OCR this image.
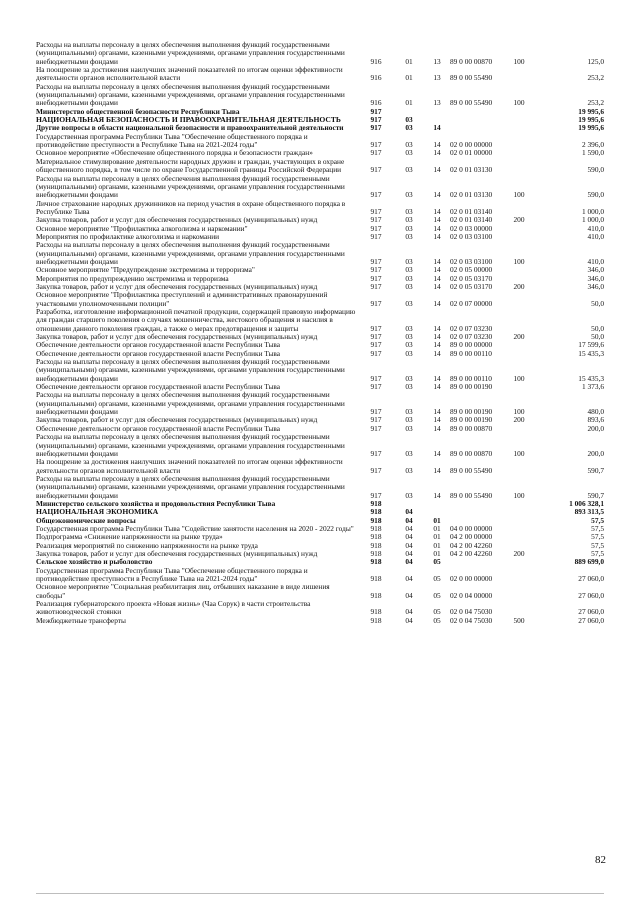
Расходы на выплаты персоналу в целях обеспечения выполнения функций государственными (муниципальными) органами, казенными учреждениями, органами управления государственными внебюджетными фондами	916	01	13	89 0 00 00870	100	125,0
На поощрение за достижения наилучших значений показателей по итогам оценки эффективности деятельности органов исполнительной власти	916	01	13	89 0 00 55490		253,2
Расходы на выплаты персоналу в целях обеспечения выполнения функций государственными (муниципальными) органами, казенными учреждениями, органами управления государственными внебюджетными фондами	916	01	13	89 0 00 55490	100	253,2
Министерство общественной безопасности Республики Тыва	917					19 995,6
НАЦИОНАЛЬНАЯ БЕЗОПАСНОСТЬ И ПРАВООХРАНИТЕЛЬНАЯ ДЕЯТЕЛЬНОСТЬ	917	03				19 995,6
Другие вопросы в области национальной безопасности и правоохранительной деятельности	917	03	14			19 995,6
Государственная программа Республики Тыва "Обеспечение общественного порядка и противодействие преступности в Республике Тыва на 2021-2024 годы"	917	03	14	02 0 00 00000		2 396,0
Основное мероприятие «Обеспечение общественного порядка и безопасности граждан»	917	03	14	02 0 01 00000		1 590,0
Материальное стимулирование деятельности народных дружин и граждан, участвующих в охране общественного порядка, в том числе по охране Государственной границы Российской Федерации	917	03	14	02 0 01 03130		590,0
Расходы на выплаты персоналу в целях обеспечения выполнения функций государственными (муниципальными) органами, казенными учреждениями, органами управления государственными внебюджетными фондами	917	03	14	02 0 01 03130	100	590,0
Личное страхование народных дружинников на период участия в охране общественного порядка в Республике Тыва	917	03	14	02 0 01 03140		1 000,0
Закупка товаров, работ и услуг для обеспечения государственных (муниципальных) нужд	917	03	14	02 0 01 03140	200	1 000,0
Основное мероприятие "Профилактика алкоголизма и наркомании"	917	03	14	02 0 03 00000		410,0
Мероприятия по профилактике алкоголизма и наркомании	917	03	14	02 0 03 03100		410,0
Расходы на выплаты персоналу в целях обеспечения выполнения функций государственными (муниципальными) органами, казенными учреждениями, органами управления государственными внебюджетными фондами	917	03	14	02 0 03 03100	100	410,0
Основное мероприятие "Предупреждение экстремизма и терроризма"	917	03	14	02 0 05 00000		346,0
Мероприятия по предупреждению экстремизма и терроризма	917	03	14	02 0 05 03170		346,0
Закупка товаров, работ и услуг для обеспечения государственных (муниципальных) нужд	917	03	14	02 0 05 03170	200	346,0
Основное мероприятие "Профилактика преступлений и административных правонарушений участковыми уполномоченными полиции"	917	03	14	02 0 07 00000		50,0
Разработка, изготовление информационной печатной продукции, содержащей правовую информацию для граждан старшего поколения о случаях мошенничества, жестокого обращения и насилия в отношении данного поколения граждан, а также о мерах предотвращения и защиты	917	03	14	02 0 07 03230		50,0
Закупка товаров, работ и услуг для обеспечения государственных (муниципальных) нужд	917	03	14	02 0 07 03230	200	50,0
Обеспечение деятельности органов государственной власти Республики Тыва	917	03	14	89 0 00 00000		17 599,6
Обеспечение деятельности органов государственной власти Республики Тыва	917	03	14	89 0 00 00110		15 435,3
Расходы на выплаты персоналу в целях обеспечения выполнения функций государственными (муниципальными) органами, казенными учреждениями, органами управления государственными внебюджетными фондами	917	03	14	89 0 00 00110	100	15 435,3
Обеспечение деятельности органов государственной власти Республики Тыва	917	03	14	89 0 00 00190		1 373,6
Расходы на выплаты персоналу в целях обеспечения выполнения функций государственными (муниципальными) органами, казенными учреждениями, органами управления государственными внебюджетными фондами	917	03	14	89 0 00 00190	100	480,0
Закупка товаров, работ и услуг для обеспечения государственных (муниципальных) нужд	917	03	14	89 0 00 00190	200	893,6
Обеспечение деятельности органов государственной власти Республики Тыва	917	03	14	89 0 00 00870		200,0
Расходы на выплаты персоналу в целях обеспечения выполнения функций государственными (муниципальными) органами, казенными учреждениями, органами управления государственными внебюджетными фондами	917	03	14	89 0 00 00870	100	200,0
На поощрение за достижения наилучших значений показателей по итогам оценки эффективности деятельности органов исполнительной власти	917	03	14	89 0 00 55490		590,7
Расходы на выплаты персоналу в целях обеспечения выполнения функций государственными (муниципальными) органами, казенными учреждениями, органами управления государственными внебюджетными фондами	917	03	14	89 0 00 55490	100	590,7
Министерство сельского хозяйства и продовольствия Республики Тыва	918					1 006 328,1
НАЦИОНАЛЬНАЯ ЭКОНОМИКА	918	04				893 313,5
Общеэкономические вопросы	918	04	01			57,5
Государственная программа Республики Тыва "Содействие занятости населения на 2020 - 2022 годы"	918	04	01	04 0 00 00000		57,5
Подпрограмма «Снижение напряженности на рынке труда»	918	04	01	04 2 00 00000		57,5
Реализация мероприятий по снижению напряженности на рынке труда	918	04	01	04 2 00 42260		57,5
Закупка товаров, работ и услуг для обеспечения государственных (муниципальных) нужд	918	04	01	04 2 00 42260	200	57,5
Сельское хозяйство и рыболовство	918	04	05			889 699,0
Государственная программа Республики Тыва "Обеспечение общественного порядка и противодействие преступности в Республике Тыва на 2021-2024 годы"	918	04	05	02 0 00 00000		27 060,0
Основное мероприятие "Социальная реабилитация лиц, отбывших наказание в виде лишения свободы"	918	04	05	02 0 04 00000		27 060,0
Реализация губернаторского проекта «Новая жизнь» (Чаа Сорук) в части строительства животноводческой стоянки	918	04	05	02 0 04 75030		27 060,0
Межбюджетные трансферты	918	04	05	02 0 04 75030	500	27 060,0
82
